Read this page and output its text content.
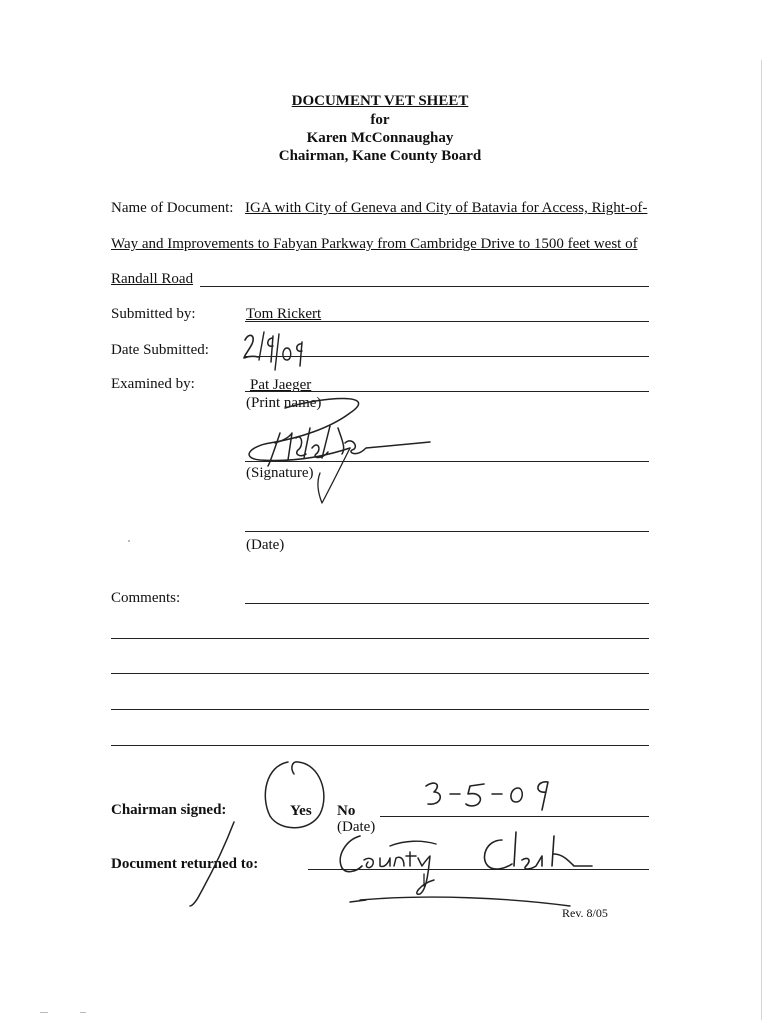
DOCUMENT VET SHEET
for
Karen McConnaughay
Chairman, Kane County Board
Name of Document: IGA with City of Geneva and City of Batavia for Access, Right-of-
Way and Improvements to Fabyan Parkway from Cambridge Drive to 1500 feet west of
Randall Road
Submitted by:	Tom Rickert
Date Submitted:
Examined by:	Pat Jaeger
(Print name)
(Signature)
(Date)
Comments:
Chairman signed:	Yes No
(Date)
Document returned to:
Rev. 8/05
